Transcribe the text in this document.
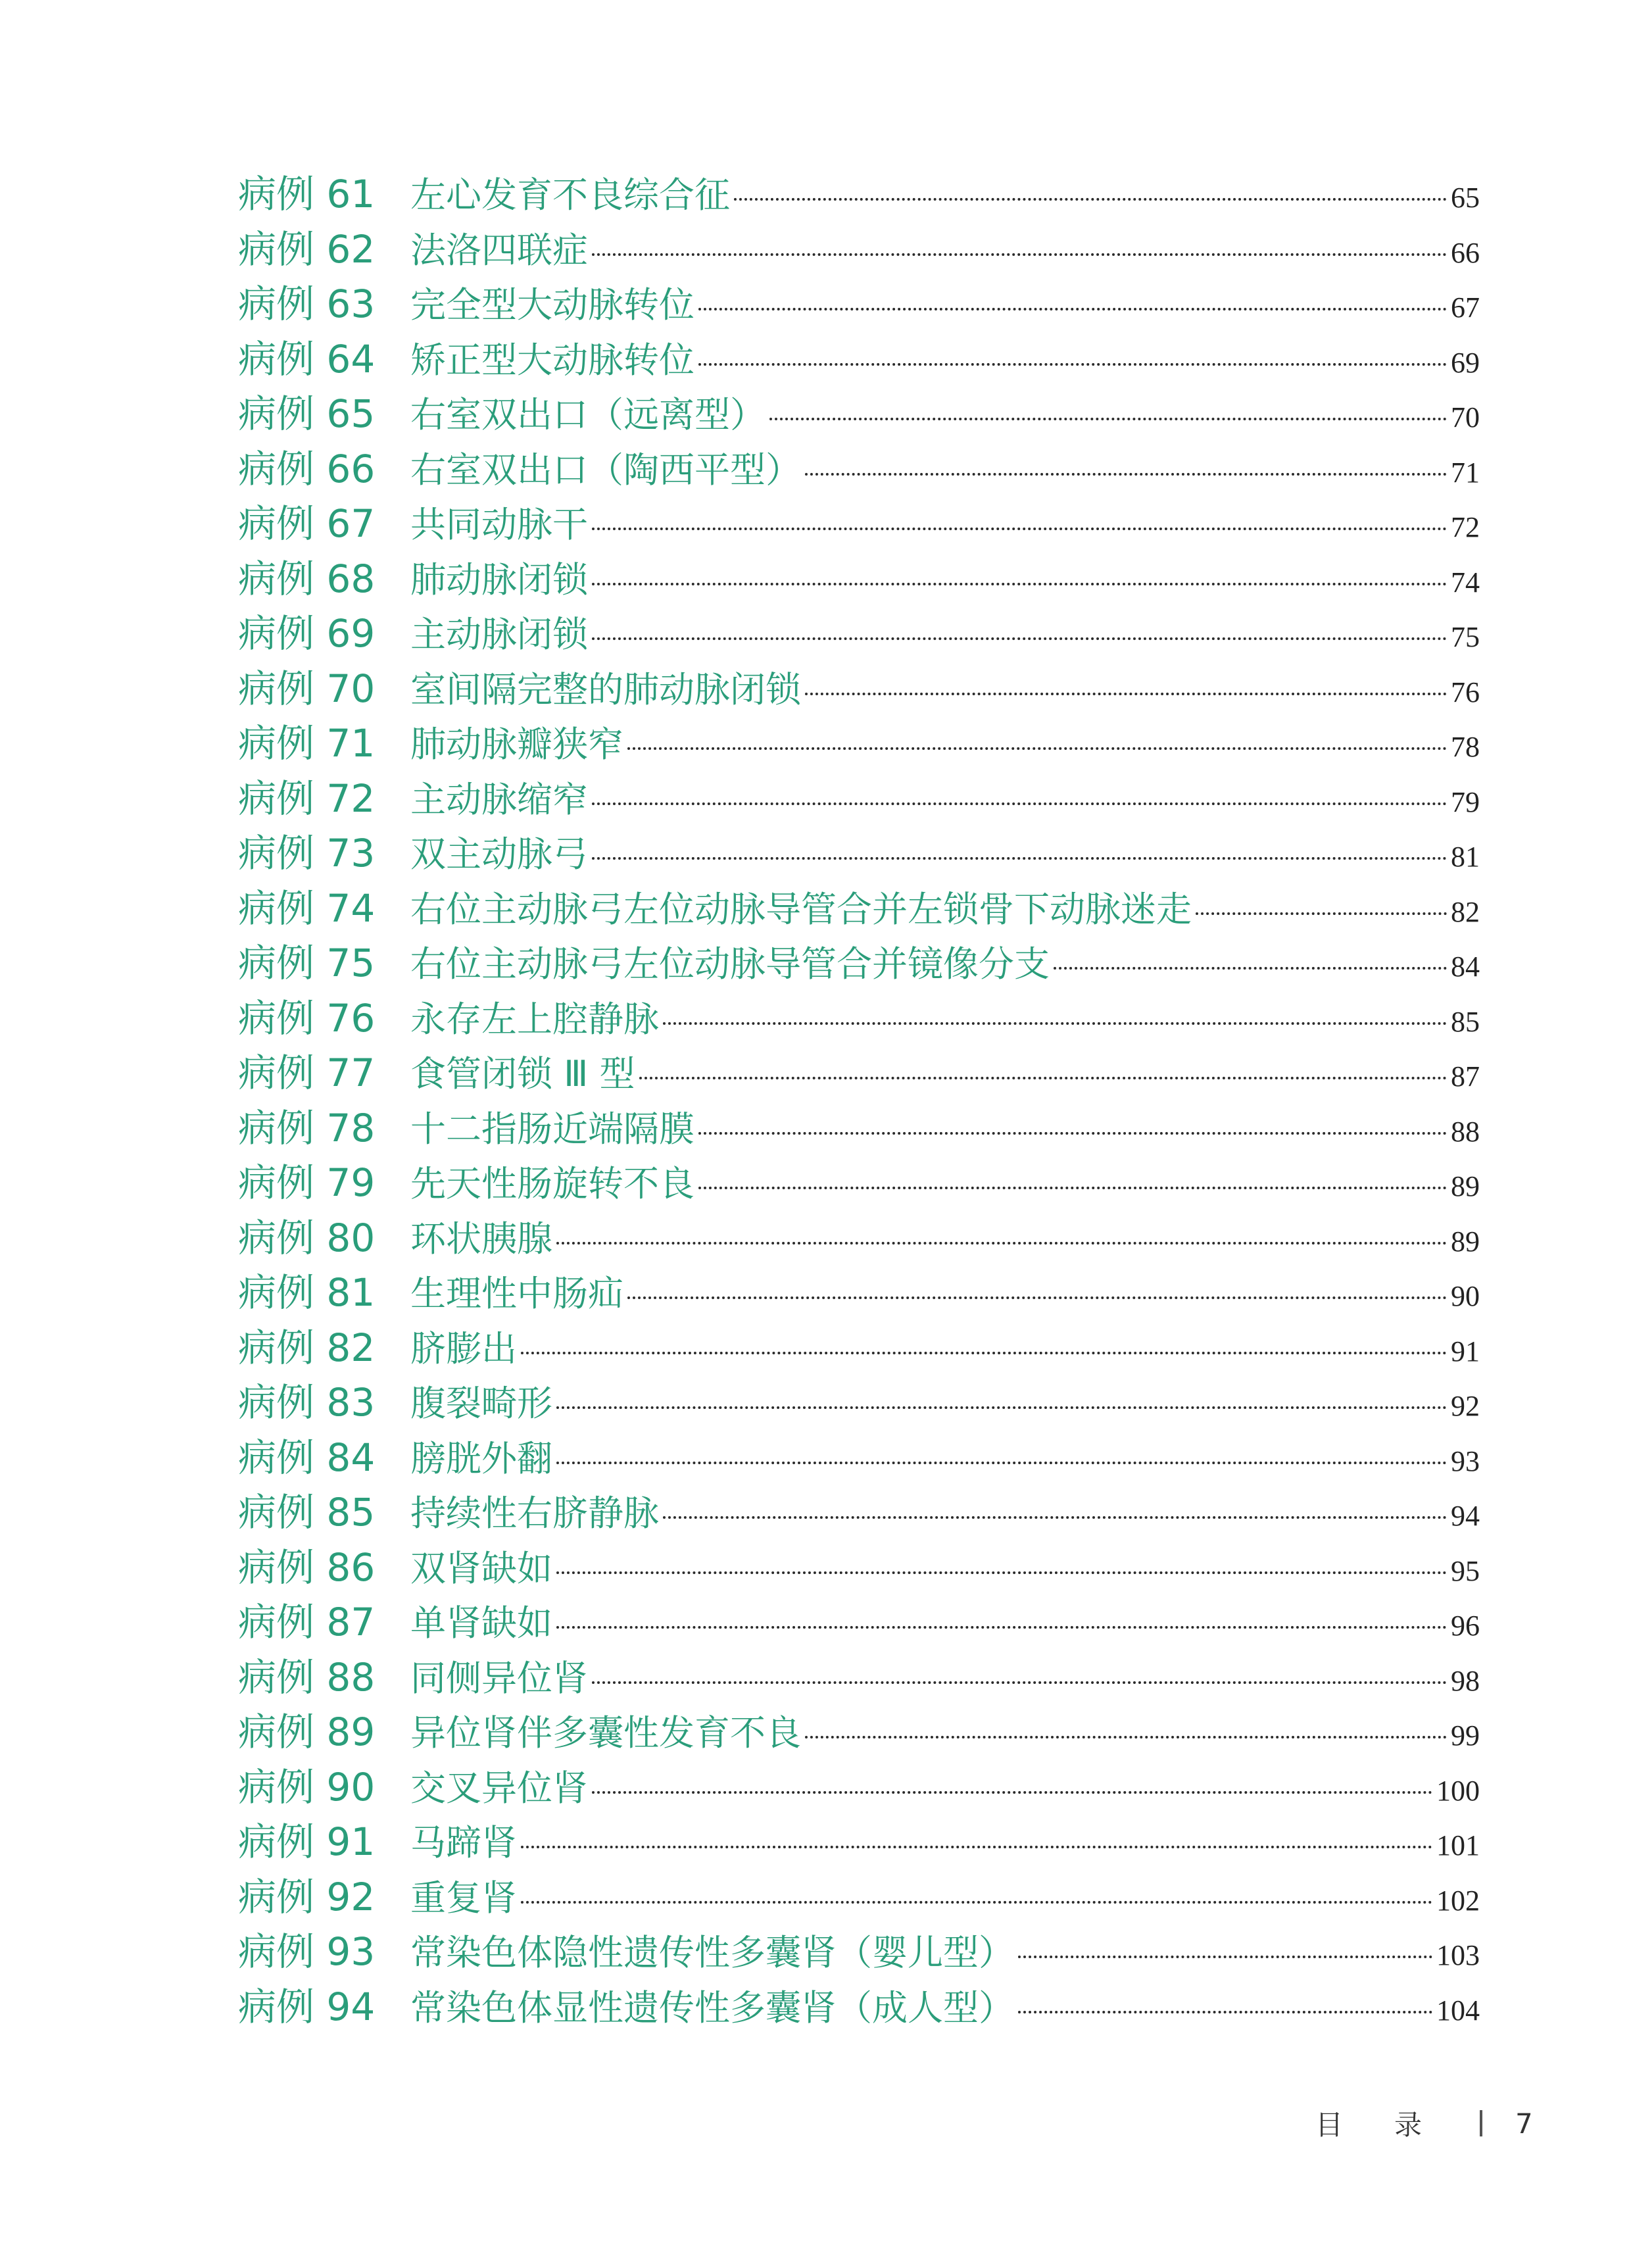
病例 61 左心发育不良综合征	65
病例 62 法洛四联症	66
病例 63 完全型大动脉转位	67
病例 64 矫正型大动脉转位	69
病例 65 右室双出口（远离型）	70
病例 66 右室双出口（陶西平型）	71
病例 67 共同动脉干	72
病例 68 肺动脉闭锁	74
病例 69 主动脉闭锁	75
病例 70 室间隔完整的肺动脉闭锁	76
病例 71 肺动脉瓣狭窄	78
病例 72 主动脉缩窄	79
病例 73 双主动脉弓	81
病例 74 右位主动脉弓左位动脉导管合并左锁骨下动脉迷走	82
病例 75 右位主动脉弓左位动脉导管合并镜像分支	84
病例 76 永存左上腔静脉	85
病例 77 食管闭锁 Ⅲ 型	87
病例 78 十二指肠近端隔膜	88
病例 79 先天性肠旋转不良	89
病例 80 环状胰腺	89
病例 81 生理性中肠疝	90
病例 82 脐膨出	91
病例 83 腹裂畸形	92
病例 84 膀胱外翻	93
病例 85 持续性右脐静脉	94
病例 86 双肾缺如	95
病例 87 单肾缺如	96
病例 88 同侧异位肾	98
病例 89 异位肾伴多囊性发育不良	99
病例 90 交叉异位肾	100
病例 91 马蹄肾	101
病例 92 重复肾	102
病例 93 常染色体隐性遗传性多囊肾（婴儿型）	103
病例 94 常染色体显性遗传性多囊肾（成人型）	104
目录 7
